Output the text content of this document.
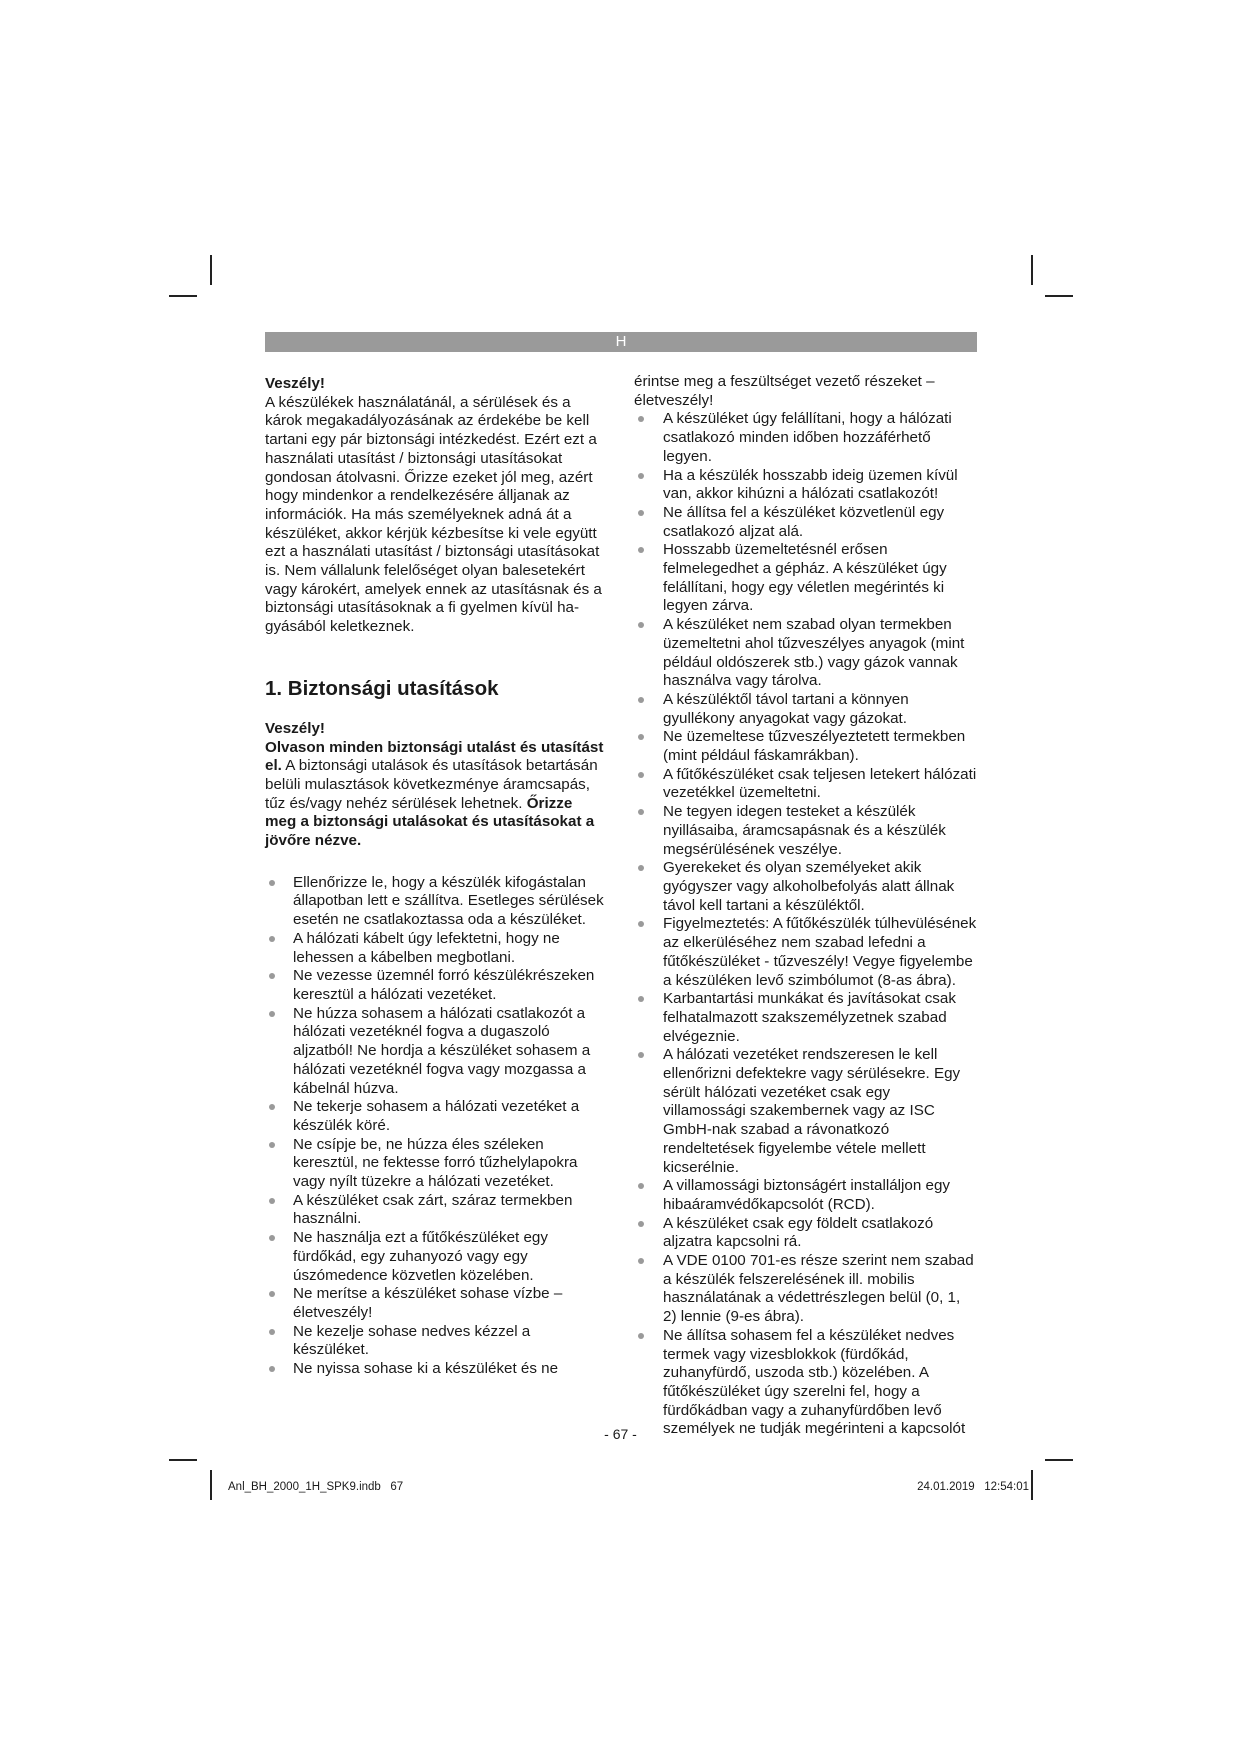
H

Veszély!

A készülékek használatánál, a sérülések és a károk megakadályozásának az érdekébe be kell tartani egy pár biztonsági intézkedést. Ezért ezt a használati utasítást / biztonsági utasításokat gondosan átolvasni. Őrizze ezeket jól meg, azért hogy mindenkor a rendelkezésére álljanak az információk. Ha más személyeknek adná át a készüléket, akkor kérjük kézbesítse ki vele együtt ezt a használati utasítást / biztonsági utasításokat is. Nem vállalunk felelőséget olyan balesetekért vagy károkért, amelyek ennek az utasításnak és a biztonsági utasításoknak a fi gyelmen kívül ha-gyásából keletkeznek.

1. Biztonsági utasítások

Veszély!

Olvason minden biztonsági utalást és utasítást el. A biztonsági utalások és utasítások betartásán belüli mulasztások következménye áramcsapás, tűz és/vagy nehéz sérülések lehetnek. Őrizze meg a biztonsági utalásokat és utasításokat a jövőre nézve.

Ellenőrizze le, hogy a készülék kifogástalan állapotban lett e szállítva. Esetleges sérülések esetén ne csatlakoztassa oda a készüléket.
A hálózati kábelt úgy lefektetni, hogy ne lehessen a kábelben megbotlani.
Ne vezesse üzemnél forró készülékrészeken keresztül a hálózati vezetéket.
Ne húzza sohasem a hálózati csatlakozót a hálózati vezetéknél fogva a dugaszoló aljzatból! Ne hordja a készüléket sohasem a hálózati vezetéknél fogva vagy mozgassa a kábelnál húzva.
Ne tekerje sohasem a hálózati vezetéket a készülék köré.
Ne csípje be, ne húzza éles széleken keresztül, ne fektesse forró tűzhelylapokra vagy nyílt tüzekre a hálózati vezetéket.
A készüléket csak zárt, száraz termekben használni.
Ne használja ezt a fűtőkészüléket egy fürdőkád, egy zuhanyozó vagy egy úszómedence közvetlen közelében.
Ne merítse a készüléket sohase vízbe – életveszély!
Ne kezelje sohase nedves kézzel a készüléket.
Ne nyissa sohase ki a készüléket és ne

érintse meg a feszültséget vezető részeket – életveszély!

A készüléket úgy felállítani, hogy a hálózati csatlakozó minden időben hozzáférhető legyen.
Ha a készülék hosszabb ideig üzemen kívül van, akkor kihúzni a hálózati csatlakozót!
Ne állítsa fel a készüléket közvetlenül egy csatlakozó aljzat alá.
Hosszabb üzemeltetésnél erősen felmelegedhet a gépház. A készüléket úgy felállítani, hogy egy véletlen megérintés ki legyen zárva.
A készüléket nem szabad olyan termekben üzemeltetni ahol tűzveszélyes anyagok (mint például oldószerek stb.) vagy gázok vannak használva vagy tárolva.
A készüléktől távol tartani a könnyen gyullékony anyagokat vagy gázokat.
Ne üzemeltese tűzveszélyeztetett termekben (mint például fáskamrákban).
A fűtőkészüléket csak teljesen letekert hálózati vezetékkel üzemeltetni.
Ne tegyen idegen testeket a készülék nyillásaiba, áramcsapásnak és a készülék megsérülésének veszélye.
Gyerekeket és olyan személyeket akik gyógyszer vagy alkoholbefolyás alatt állnak távol kell tartani a készüléktől.
Figyelmeztetés: A fűtőkészülék túlhevülésének az elkerüléséhez nem szabad lefedni a fűtőkészüléket - tűzveszély! Vegye figyelembe a készüléken levő szimbólumot (8-as ábra).
Karbantartási munkákat és javításokat csak felhatalmazott szakszemélyzetnek szabad elvégeznie.
A hálózati vezetéket rendszeresen le kell ellenőrizni defektekre vagy sérülésekre. Egy sérült hálózati vezetéket csak egy villamossági szakembernek vagy az ISC GmbH-nak szabad a rávonatkozó rendeltetések figyelembe vétele mellett kicserélnie.
A villamossági biztonságért installáljon egy hibaáramvédőkapcsolót (RCD).
A készüléket csak egy földelt csatlakozó aljzatra kapcsolni rá.
A VDE 0100 701-es része szerint nem szabad a készülék felszerelésének ill. mobilis használatának a védettrészlegen belül (0, 1, 2) lennie (9-es ábra).
Ne állítsa sohasem fel a készüléket nedves termek vagy vizesblokkok (fürdőkád, zuhanyfürdő, uszoda stb.) közelében. A fűtőkészüléket úgy szerelni fel, hogy a fürdőkádban vagy a zuhanyfürdőben levő személyek ne tudják megérinteni a kapcsolót
- 67 -
Anl_BH_2000_1H_SPK9.indb   67	24.01.2019   12:54:01
